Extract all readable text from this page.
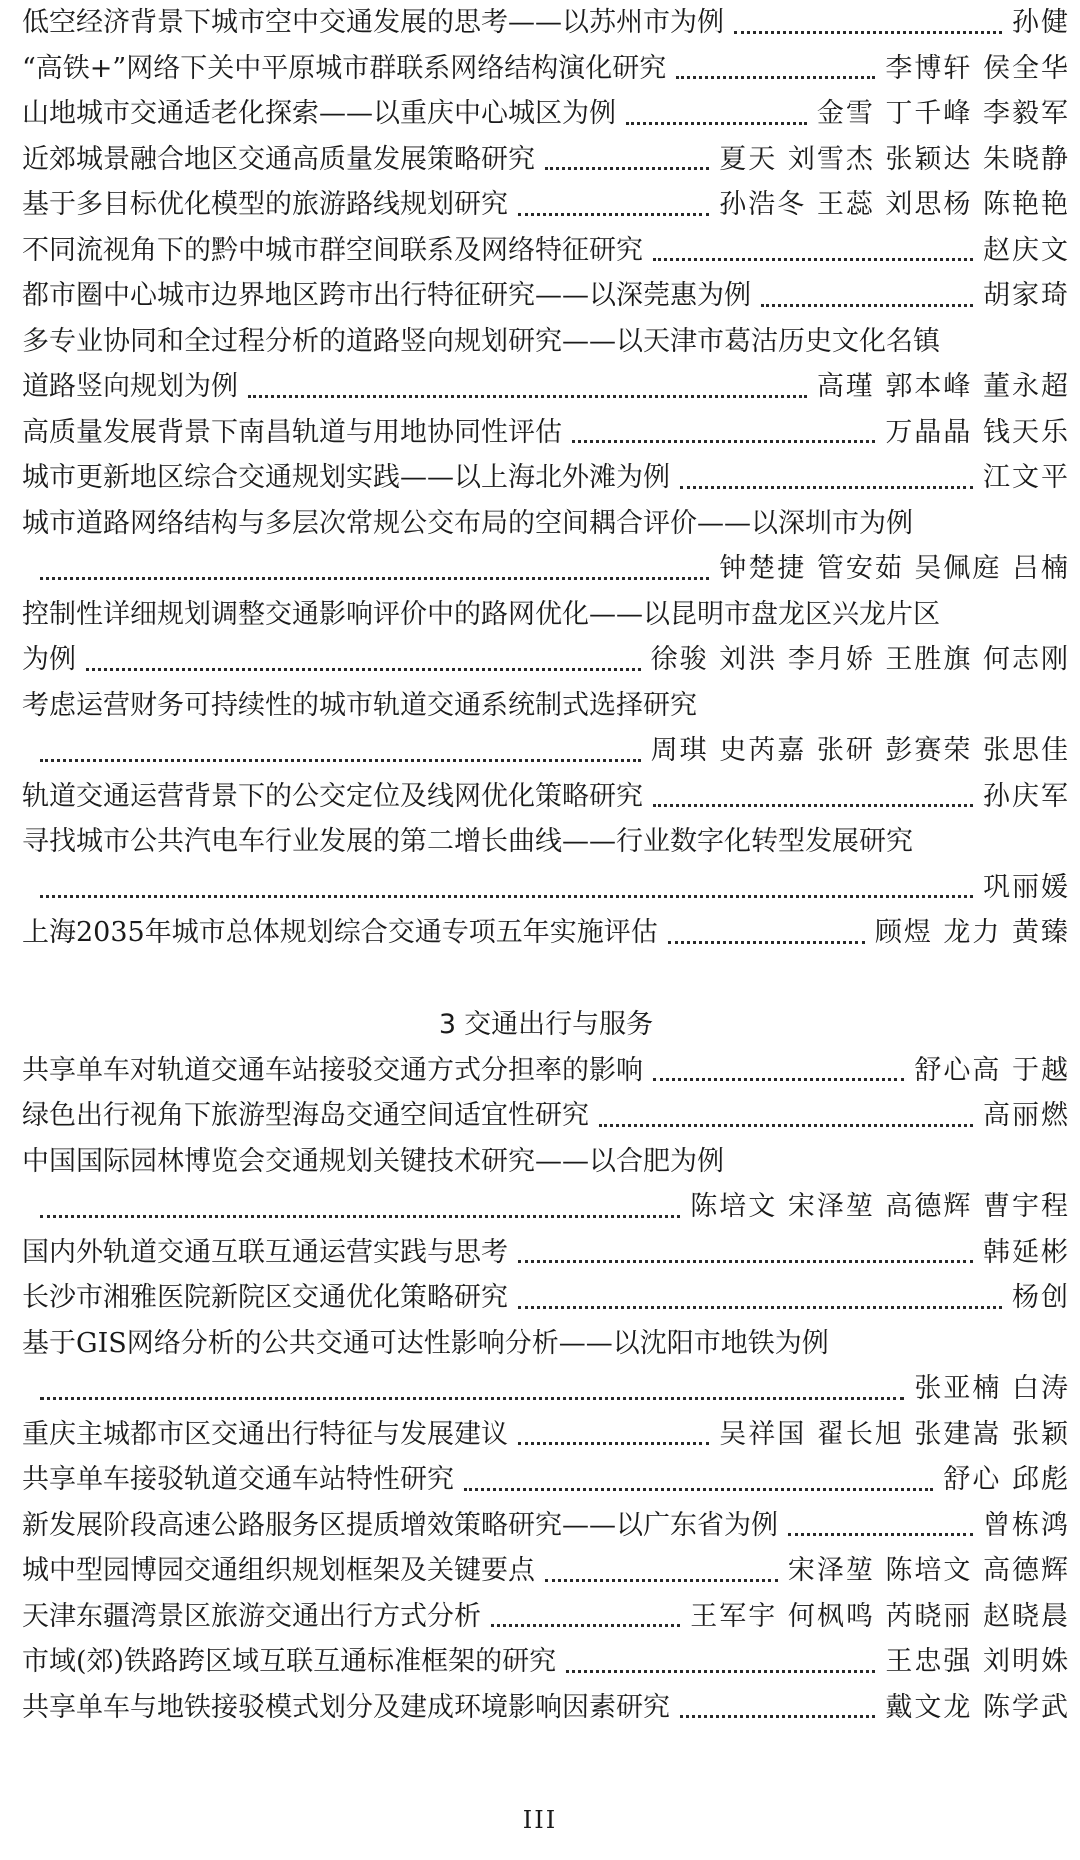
低空经济背景下城市空中交通发展的思考——以苏州市为例	孙健
“高铁+”网络下关中平原城市群联系网络结构演化研究	李博轩 侯全华
山地城市交通适老化探索——以重庆中心城区为例	金雪 丁千峰 李毅军
近郊城景融合地区交通高质量发展策略研究	夏天 刘雪杰 张颖达 朱晓静
基于多目标优化模型的旅游路线规划研究	孙浩冬 王蕊 刘思杨 陈艳艳
不同流视角下的黔中城市群空间联系及网络特征研究	赵庆文
都市圈中心城市边界地区跨市出行特征研究——以深莞惠为例	胡家琦
多专业协同和全过程分析的道路竖向规划研究——以天津市葛沽历史文化名镇
道路竖向规划为例	高瑾 郭本峰 董永超
高质量发展背景下南昌轨道与用地协同性评估	万晶晶 钱天乐
城市更新地区综合交通规划实践——以上海北外滩为例	江文平
城市道路网络结构与多层次常规公交布局的空间耦合评价——以深圳市为例
钟楚捷 管安茹 吴佩庭 吕楠
控制性详细规划调整交通影响评价中的路网优化——以昆明市盘龙区兴龙片区
为例	徐骏 刘洪 李月娇 王胜旗 何志刚
考虑运营财务可持续性的城市轨道交通系统制式选择研究
周琪 史芮嘉 张研 彭赛荣 张思佳
轨道交通运营背景下的公交定位及线网优化策略研究	孙庆军
寻找城市公共汽电车行业发展的第二增长曲线——行业数字化转型发展研究
巩丽媛
上海2035年城市总体规划综合交通专项五年实施评估	顾煜 龙力 黄臻
3 交通出行与服务
共享单车对轨道交通车站接驳交通方式分担率的影响	舒心高 于越
绿色出行视角下旅游型海岛交通空间适宜性研究	高丽燃
中国国际园林博览会交通规划关键技术研究——以合肥为例
陈培文 宋泽堃 高德辉 曹宇程
国内外轨道交通互联互通运营实践与思考	韩延彬
长沙市湘雅医院新院区交通优化策略研究	杨创
基于GIS网络分析的公共交通可达性影响分析——以沈阳市地铁为例
张亚楠 白涛
重庆主城都市区交通出行特征与发展建议	吴祥国 翟长旭 张建嵩 张颖
共享单车接驳轨道交通车站特性研究	舒心 邱彪
新发展阶段高速公路服务区提质增效策略研究——以广东省为例	曾栋鸿
城中型园博园交通组织规划框架及关键要点	宋泽堃 陈培文 高德辉
天津东疆湾景区旅游交通出行方式分析	王军宇 何枫鸣 芮晓丽 赵晓晨
市域(郊)铁路跨区域互联互通标准框架的研究	王忠强 刘明姝
共享单车与地铁接驳模式划分及建成环境影响因素研究	戴文龙 陈学武
III
